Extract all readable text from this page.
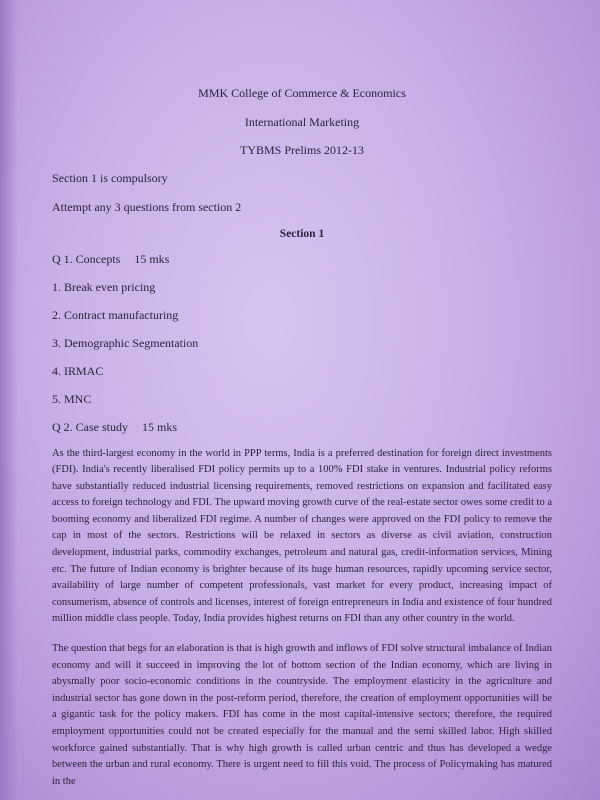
MMK College of Commerce & Economics

International Marketing

TYBMS Prelims 2012-13

Section 1 is compulsory

Attempt any 3 questions from section 2

Section 1

Q 1. Concepts 15 mks

1. Break even pricing

2. Contract manufacturing

3. Demographic Segmentation

4. IRMAC

5. MNC

Q 2. Case study 15 mks

As the third-largest economy in the world in PPP terms, India is a preferred destination for foreign direct investments (FDI). India's recently liberalised FDI policy permits up to a 100% FDI stake in ventures. Industrial policy reforms have substantially reduced industrial licensing requirements, removed restrictions on expansion and facilitated easy access to foreign technology and FDI. The upward moving growth curve of the real-estate sector owes some credit to a booming economy and liberalized FDI regime. A number of changes were approved on the FDI policy to remove the cap in most of the sectors. Restrictions will be relaxed in sectors as diverse as civil aviation, construction development, industrial parks, commodity exchanges, petroleum and natural gas, credit-information services, Mining etc. The future of Indian economy is brighter because of its huge human resources, rapidly upcoming service sector, availability of large number of competent professionals, vast market for every product, increasing impact of consumerism, absence of controls and licenses, interest of foreign entrepreneurs in India and existence of four hundred million middle class people. Today, India provides highest returns on FDI than any other country in the world.

The question that begs for an elaboration is that is high growth and inflows of FDI solve structural imbalance of Indian economy and will it succeed in improving the lot of bottom section of the Indian economy, which are living in abysmally poor socio-economic conditions in the countryside. The employment elasticity in the agriculture and industrial sector has gone down in the post-reform period, therefore, the creation of employment opportunities will be a gigantic task for the policy makers. FDI has come in the most capital-intensive sectors; therefore, the required employment opportunities could not be created especially for the manual and the semi skilled labor. High skilled workforce gained substantially. That is why high growth is called urban centric and thus has developed a wedge between the urban and rural economy. There is urgent need to fill this void. The process of Policymaking has matured in the
